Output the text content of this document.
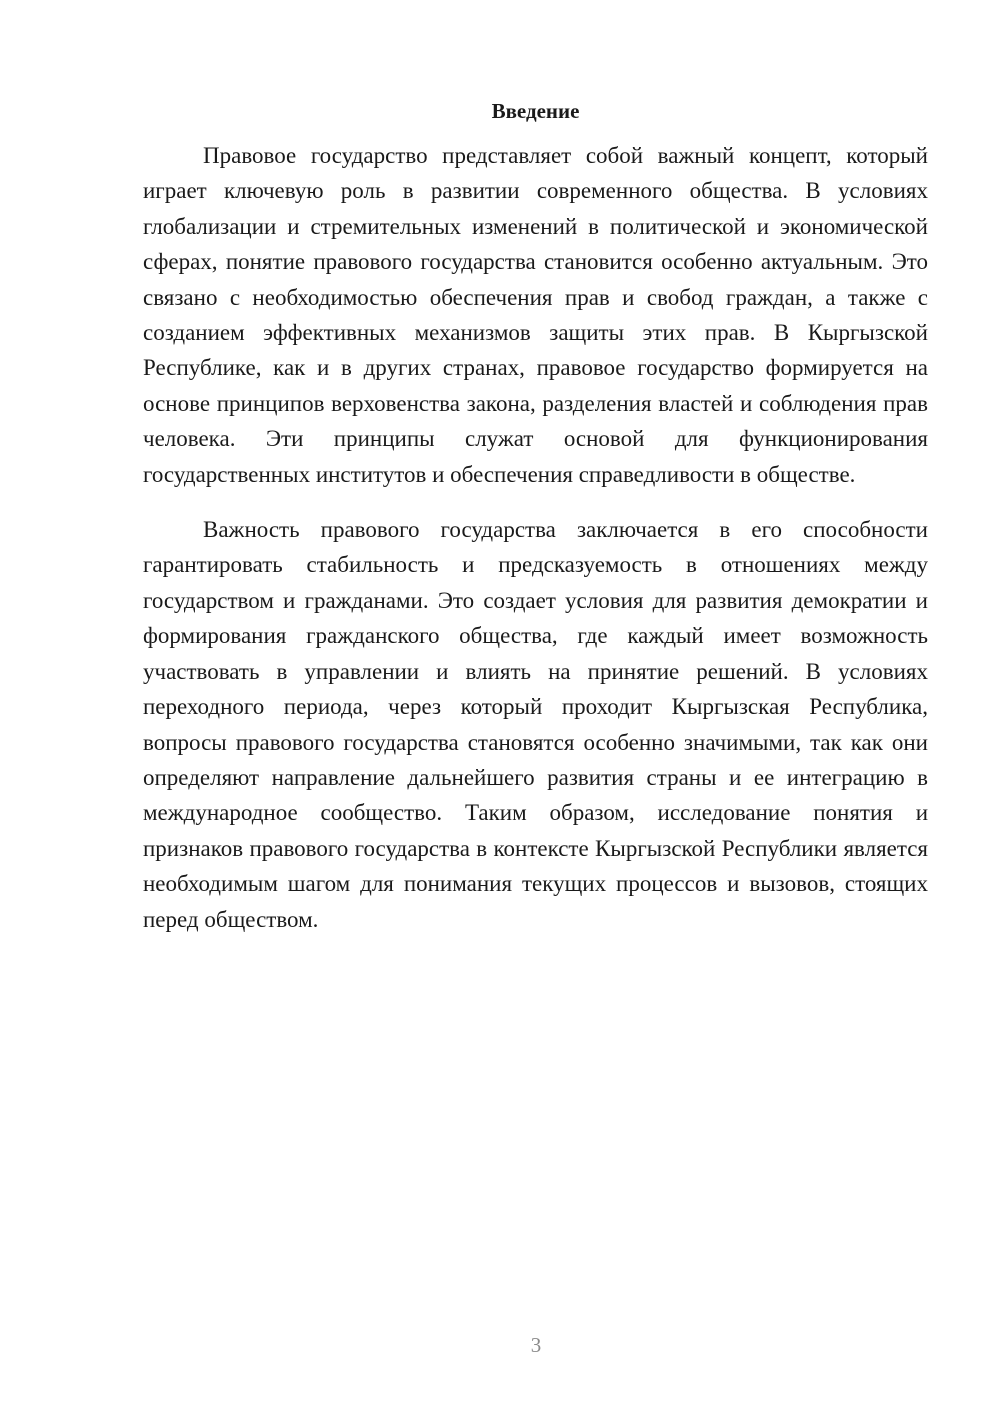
Введение

Правовое государство представляет собой важный концепт, который играет ключевую роль в развитии современного общества. В условиях глобализации и стремительных изменений в политической и экономической сферах, понятие правового государства становится особенно актуальным. Это связано с необходимостью обеспечения прав и свобод граждан, а также с созданием эффективных механизмов защиты этих прав. В Кыргызской Республике, как и в других странах, правовое государство формируется на основе принципов верховенства закона, разделения властей и соблюдения прав человека. Эти принципы служат основой для функционирования государственных институтов и обеспечения справедливости в обществе.

Важность правового государства заключается в его способности гарантировать стабильность и предсказуемость в отношениях между государством и гражданами. Это создает условия для развития демократии и формирования гражданского общества, где каждый имеет возможность участвовать в управлении и влиять на принятие решений. В условиях переходного периода, через который проходит Кыргызская Республика, вопросы правового государства становятся особенно значимыми, так как они определяют направление дальнейшего развития страны и ее интеграцию в международное сообщество. Таким образом, исследование понятия и признаков правового государства в контексте Кыргызской Республики является необходимым шагом для понимания текущих процессов и вызовов, стоящих перед обществом.

3
